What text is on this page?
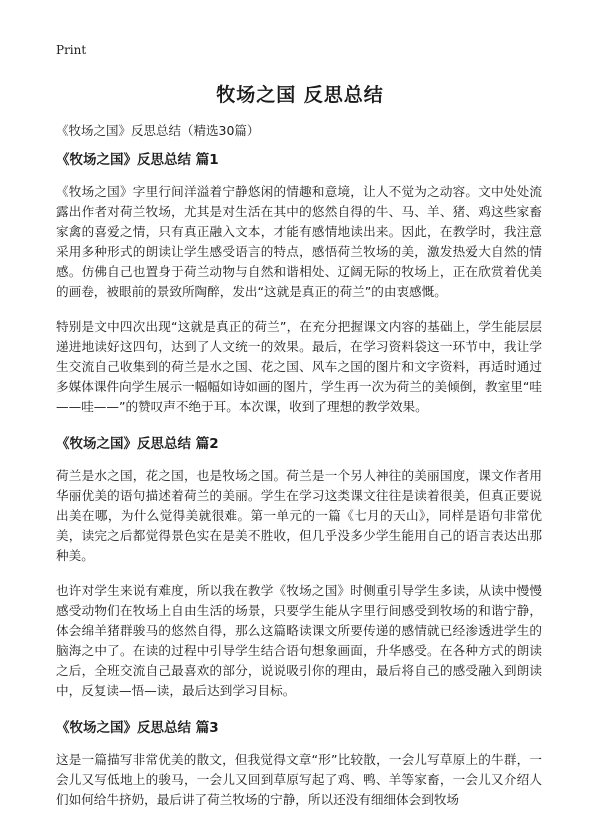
Print
牧场之国 反思总结
《牧场之国》反思总结（精选30篇）
《牧场之国》反思总结 篇1

《牧场之国》字里行间洋溢着宁静悠闲的情趣和意境，让人不觉为之动容。文中处处流露出作者对荷兰牧场，尤其是对生活在其中的悠然自得的牛、马、羊、猪、鸡这些家畜家禽的喜爱之情，只有真正融入文本，才能有感情地读出来。因此，在教学时，我注意采用多种形式的朗读让学生感受语言的特点，感悟荷兰牧场的美，激发热爱大自然的情感。仿佛自己也置身于荷兰动物与自然和谐相处、辽阔无际的牧场上，正在欣赏着优美的画卷，被眼前的景致所陶醉，发出“这就是真正的荷兰”的由衷感慨。

特别是文中四次出现“这就是真正的荷兰”，在充分把握课文内容的基础上，学生能层层递进地读好这四句，达到了人文统一的效果。最后，在学习资料袋这一环节中，我让学生交流自己收集到的荷兰是水之国、花之国、风车之国的图片和文字资料，再适时通过多媒体课件向学生展示一幅幅如诗如画的图片，学生再一次为荷兰的美倾倒，教室里“哇——哇——”的赞叹声不绝于耳。本次课，收到了理想的教学效果。

《牧场之国》反思总结 篇2

荷兰是水之国，花之国，也是牧场之国。荷兰是一个另人神往的美丽国度，课文作者用华丽优美的语句描述着荷兰的美丽。学生在学习这类课文往往是读着很美，但真正要说出美在哪，为什么觉得美就很难。第一单元的一篇《七月的天山》，同样是语句非常优美，读完之后都觉得景色实在是美不胜收，但几乎没多少学生能用自己的语言表达出那种美。

也许对学生来说有难度，所以我在教学《牧场之国》时侧重引导学生多读，从读中慢慢感受动物们在牧场上自由生活的场景，只要学生能从字里行间感受到牧场的和谐宁静，体会绵羊猪群骏马的悠然自得，那么这篇略读课文所要传递的感情就已经渗透进学生的脑海之中了。在读的过程中引导学生结合语句想象画面，升华感受。在各种方式的朗读之后，全班交流自己最喜欢的部分，说说吸引你的理由，最后将自己的感受融入到朗读中，反复读—悟—读，最后达到学习目标。

《牧场之国》反思总结 篇3

这是一篇描写非常优美的散文，但我觉得文章“形”比较散，一会儿写草原上的牛群，一会儿又写低地上的骏马，一会儿又回到草原写起了鸡、鸭、羊等家畜，一会儿又介绍人们如何给牛挤奶，最后讲了荷兰牧场的宁静，所以还没有细细体会到牧场
